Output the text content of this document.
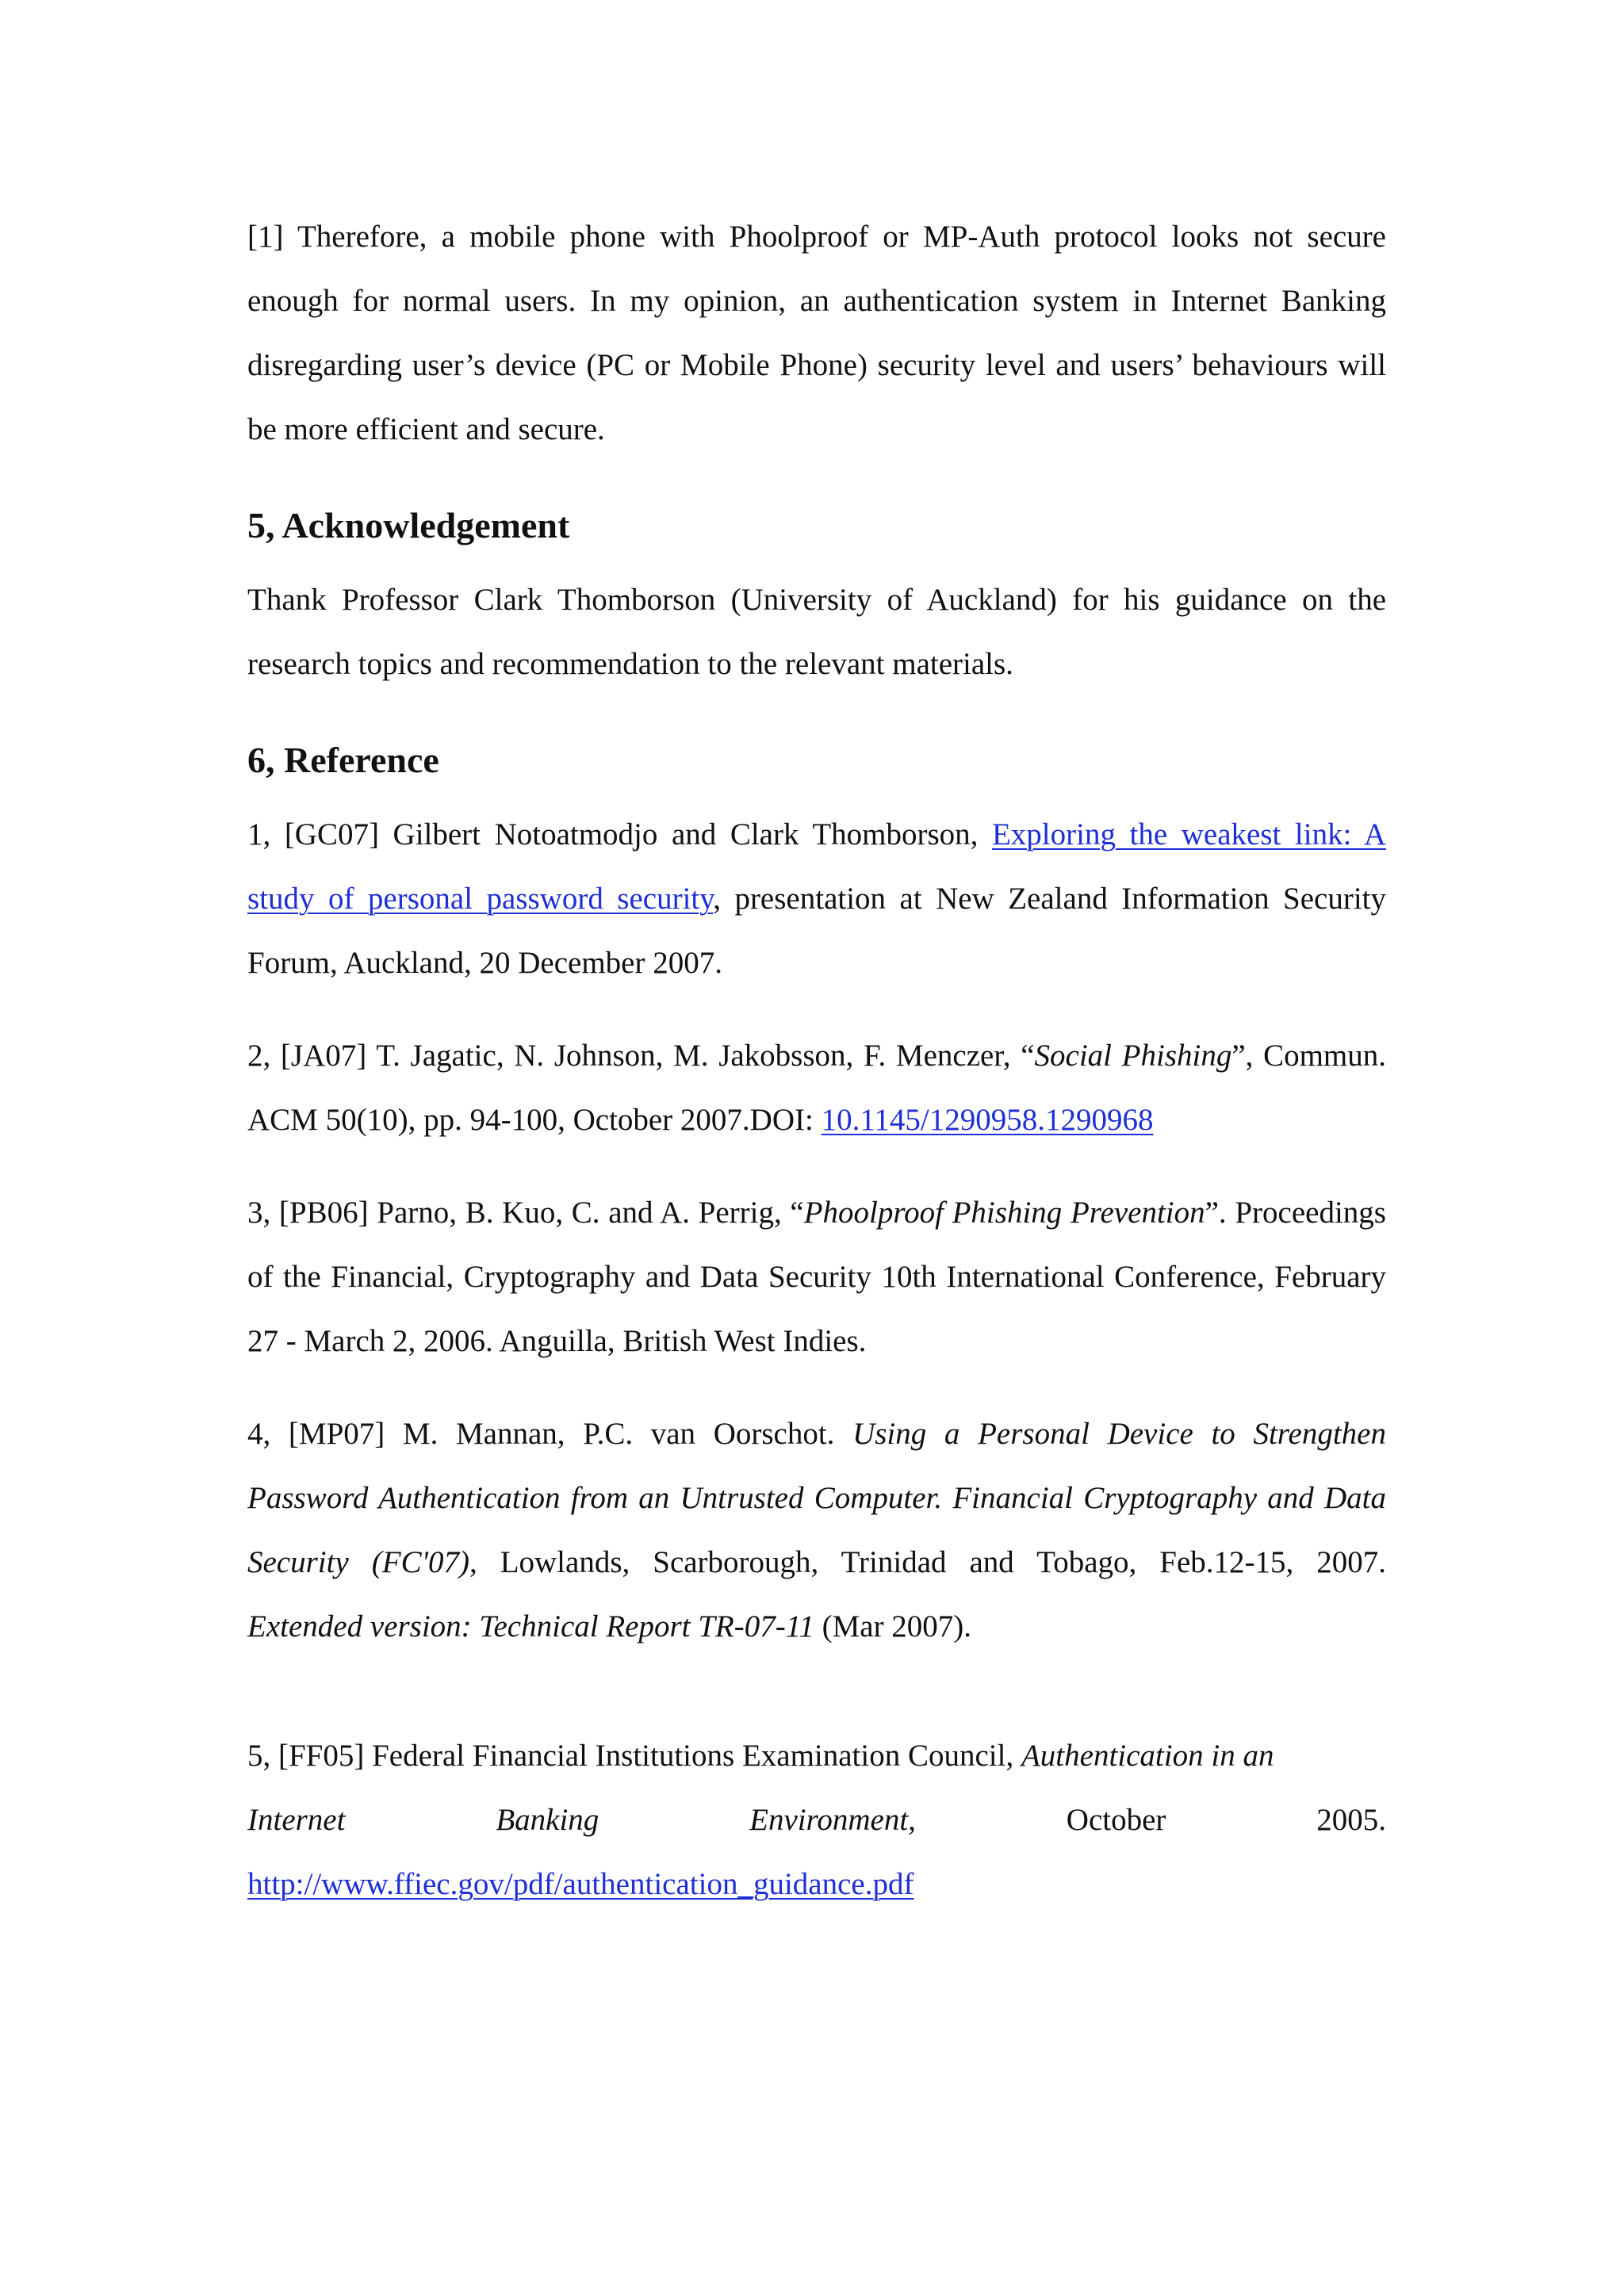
[1] Therefore, a mobile phone with Phoolproof or MP-Auth protocol looks not secure enough for normal users. In my opinion, an authentication system in Internet Banking disregarding user’s device (PC or Mobile Phone) security level and users’ behaviours will be more efficient and secure.

5, Acknowledgement

Thank Professor Clark Thomborson (University of Auckland) for his guidance on the research topics and recommendation to the relevant materials.

6, Reference

1, [GC07] Gilbert Notoatmodjo and Clark Thomborson, Exploring the weakest link: A study of personal password security, presentation at New Zealand Information Security Forum, Auckland, 20 December 2007.

2, [JA07] T. Jagatic, N. Johnson, M. Jakobsson, F. Menczer, “Social Phishing”, Commun. ACM 50(10), pp. 94-100, October 2007.DOI: 10.1145/1290958.1290968

3, [PB06] Parno, B. Kuo, C. and A. Perrig, “Phoolproof Phishing Prevention”. Proceedings of the Financial, Cryptography and Data Security 10th International Conference, February 27 - March 2, 2006. Anguilla, British West Indies.

4, [MP07] M. Mannan, P.C. van Oorschot. Using a Personal Device to Strengthen Password Authentication from an Untrusted Computer. Financial Cryptography and Data Security (FC'07), Lowlands, Scarborough, Trinidad and Tobago, Feb.12-15, 2007. Extended version: Technical Report TR-07-11 (Mar 2007).

5, [FF05] Federal Financial Institutions Examination Council, Authentication in an

Internet	Banking	Environment,	October	2005.

http://www.ffiec.gov/pdf/authentication_guidance.pdf
